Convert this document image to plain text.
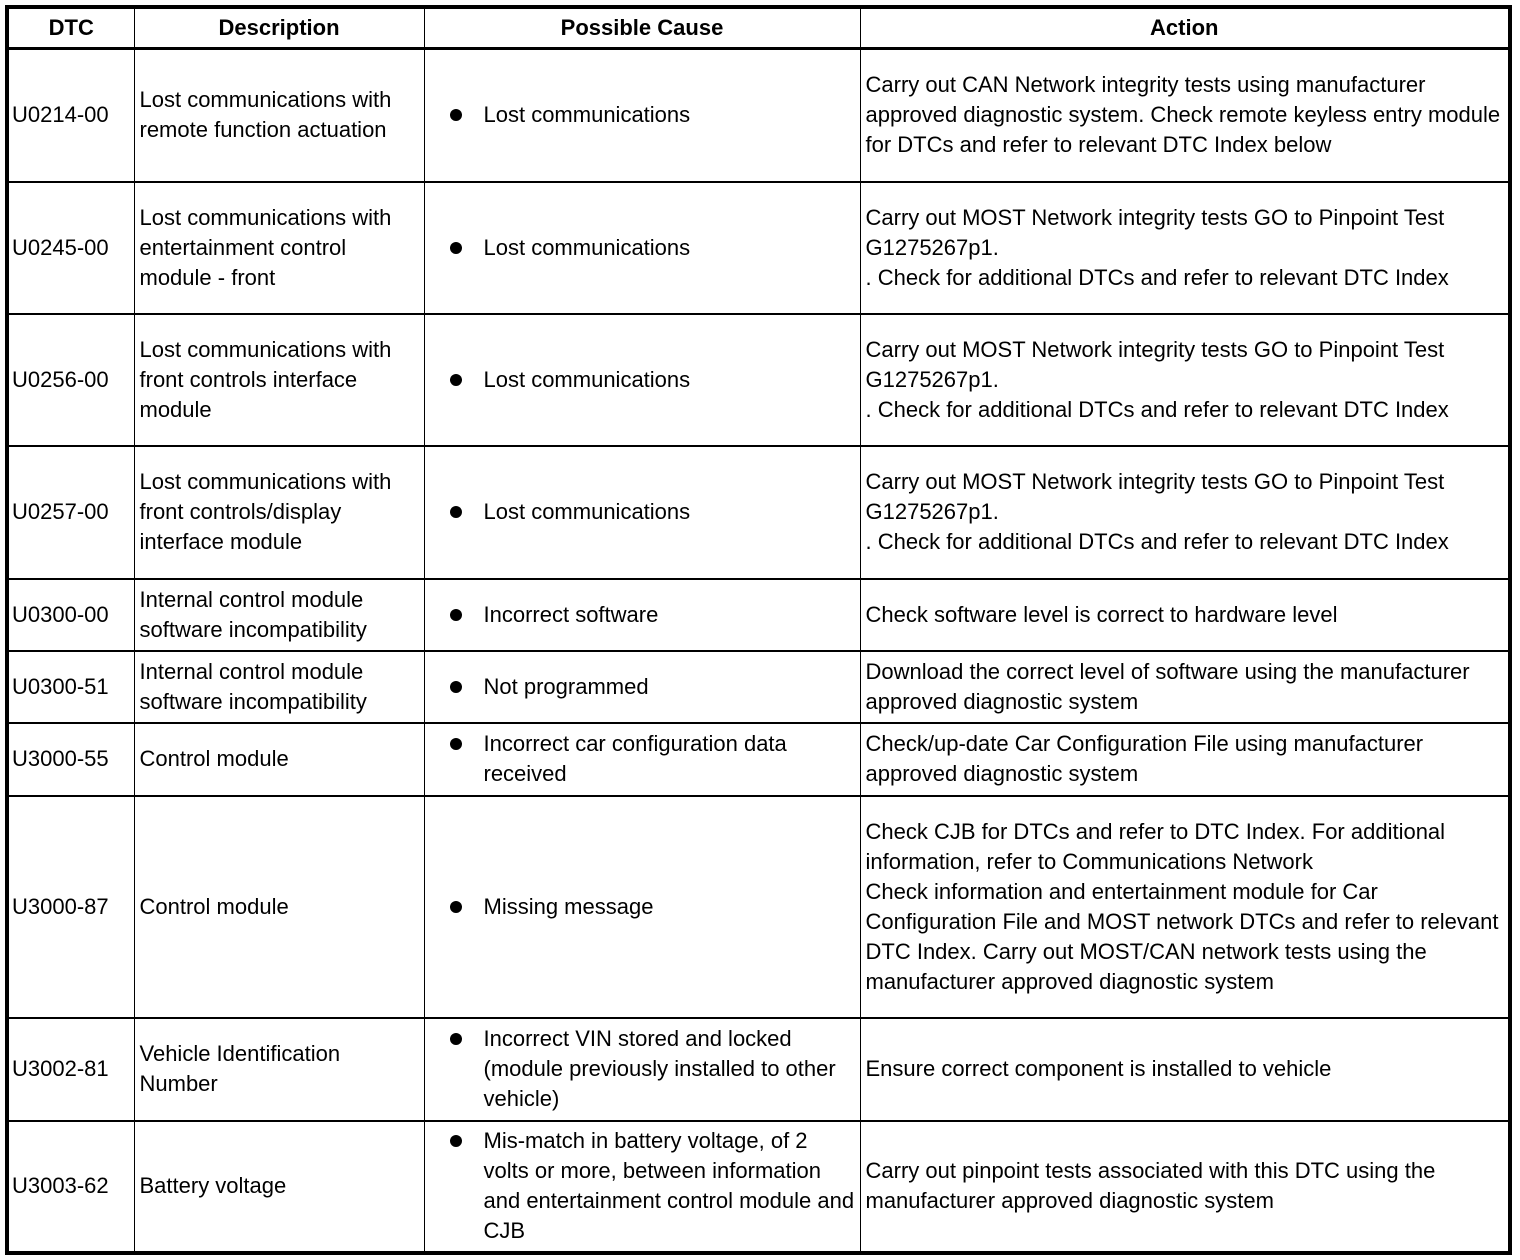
DTC	Description	Possible Cause	Action
U0214-00	Lost communications with remote function actuation	Lost communications	Carry out CAN Network integrity tests using manufacturer approved diagnostic system. Check remote keyless entry module for DTCs and refer to relevant DTC Index below

U0245-00	Lost communications with entertainment control module - front	Lost communications	Carry out MOST Network integrity tests GO to Pinpoint Test G1275267p1.
. Check for additional DTCs and refer to relevant DTC Index

U0256-00	Lost communications with front controls interface module	Lost communications	Carry out MOST Network integrity tests GO to Pinpoint Test G1275267p1.
. Check for additional DTCs and refer to relevant DTC Index

U0257-00	Lost communications with front controls/display interface module	Lost communications	Carry out MOST Network integrity tests GO to Pinpoint Test G1275267p1.
. Check for additional DTCs and refer to relevant DTC Index

U0300-00	Internal control module software incompatibility	Incorrect software	Check software level is correct to hardware level

U0300-51	Internal control module software incompatibility	Not programmed	Download the correct level of software using the manufacturer approved diagnostic system

U3000-55	Control module	Incorrect car configuration data received	Check/up-date Car Configuration File using manufacturer approved diagnostic system

U3000-87	Control module	Missing message	Check CJB for DTCs and refer to DTC Index. For additional information, refer to Communications Network
Check information and entertainment module for Car Configuration File and MOST network DTCs and refer to relevant DTC Index. Carry out MOST/CAN network tests using the manufacturer approved diagnostic system

U3002-81	Vehicle Identification Number	Incorrect VIN stored and locked (module previously installed to other vehicle)	Ensure correct component is installed to vehicle

U3003-62	Battery voltage	Mis-match in battery voltage, of 2 volts or more, between information and entertainment control module and CJB	Carry out pinpoint tests associated with this DTC using the manufacturer approved diagnostic system
